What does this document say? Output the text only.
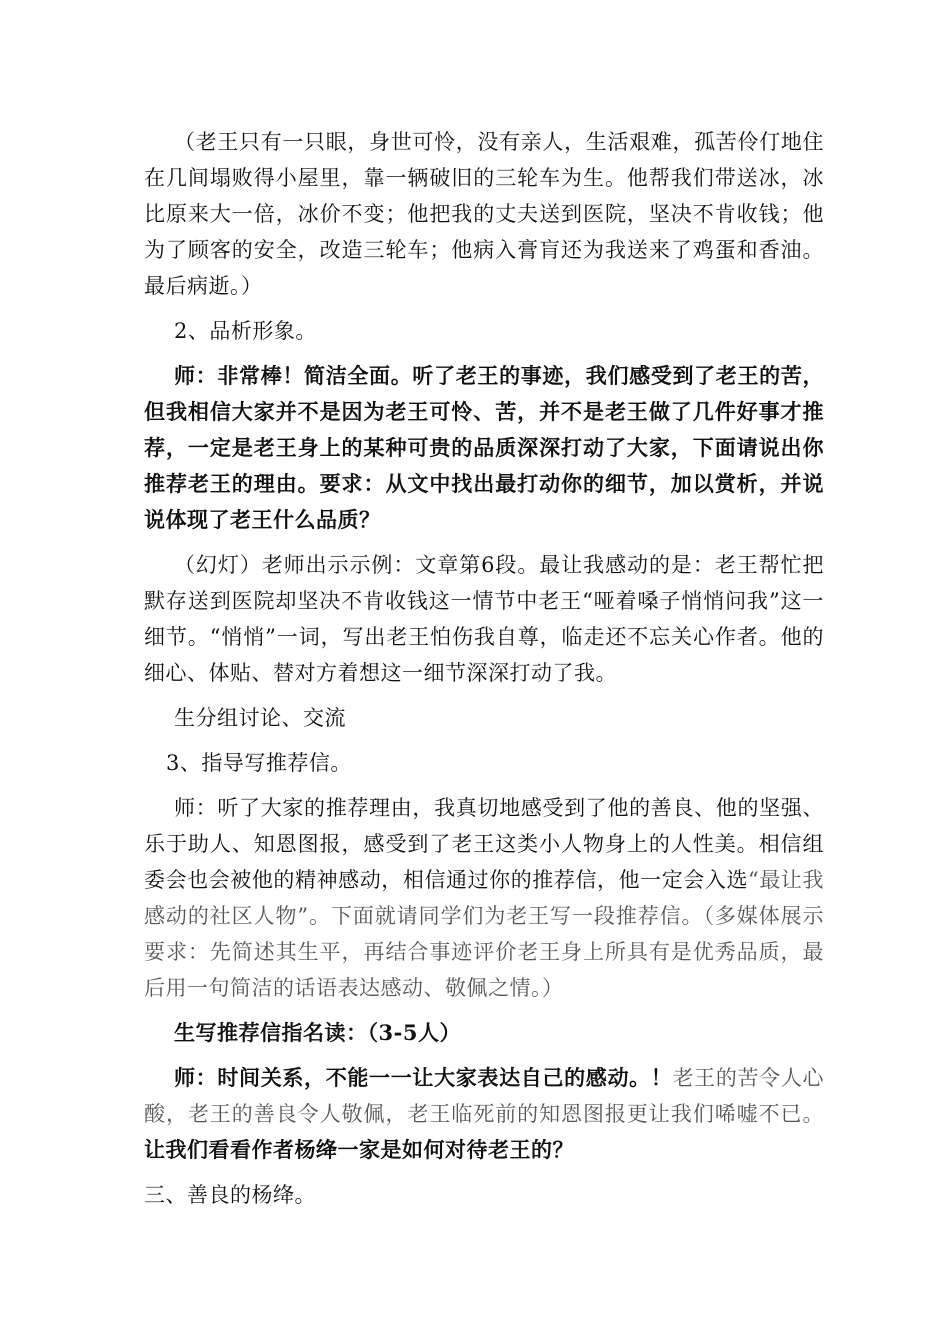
（老王只有一只眼，身世可怜，没有亲人，生活艰难，孤苦伶仃地住在几间塌败得小屋里，靠一辆破旧的三轮车为生。他帮我们带送冰，冰比原来大一倍，冰价不变；他把我的丈夫送到医院，坚决不肯收钱；他为了顾客的安全，改造三轮车；他病入膏肓还为我送来了鸡蛋和香油。最后病逝。）

2、品析形象。

师：非常棒！简洁全面。听了老王的事迹，我们感受到了老王的苦，但我相信大家并不是因为老王可怜、苦，并不是老王做了几件好事才推荐，一定是老王身上的某种可贵的品质深深打动了大家，下面请说出你推荐老王的理由。要求：从文中找出最打动你的细节，加以赏析，并说说体现了老王什么品质？

（幻灯）老师出示示例：文章第6段。最让我感动的是：老王帮忙把默存送到医院却坚决不肯收钱这一情节中老王“哑着嗓子悄悄问我”这一细节。“悄悄”一词，写出老王怕伤我自尊，临走还不忘关心作者。他的细心、体贴、替对方着想这一细节深深打动了我。

生分组讨论、交流

3、指导写推荐信。

师：听了大家的推荐理由，我真切地感受到了他的善良、他的坚强、乐于助人、知恩图报，感受到了老王这类小人物身上的人性美。相信组委会也会被他的精神感动，相信通过你的推荐信，他一定会入选“最让我感动的社区人物”。下面就请同学们为老王写一段推荐信。（多媒体展示要求：先简述其生平，再结合事迹评价老王身上所具有是优秀品质，最后用一句简洁的话语表达感动、敬佩之情。）

生写推荐信指名读：（3-5人）

师：时间关系，不能一一让大家表达自己的感动。！老王的苦令人心酸，老王的善良令人敬佩，老王临死前的知恩图报更让我们唏嘘不已。让我们看看作者杨绛一家是如何对待老王的？

三、善良的杨绛。
